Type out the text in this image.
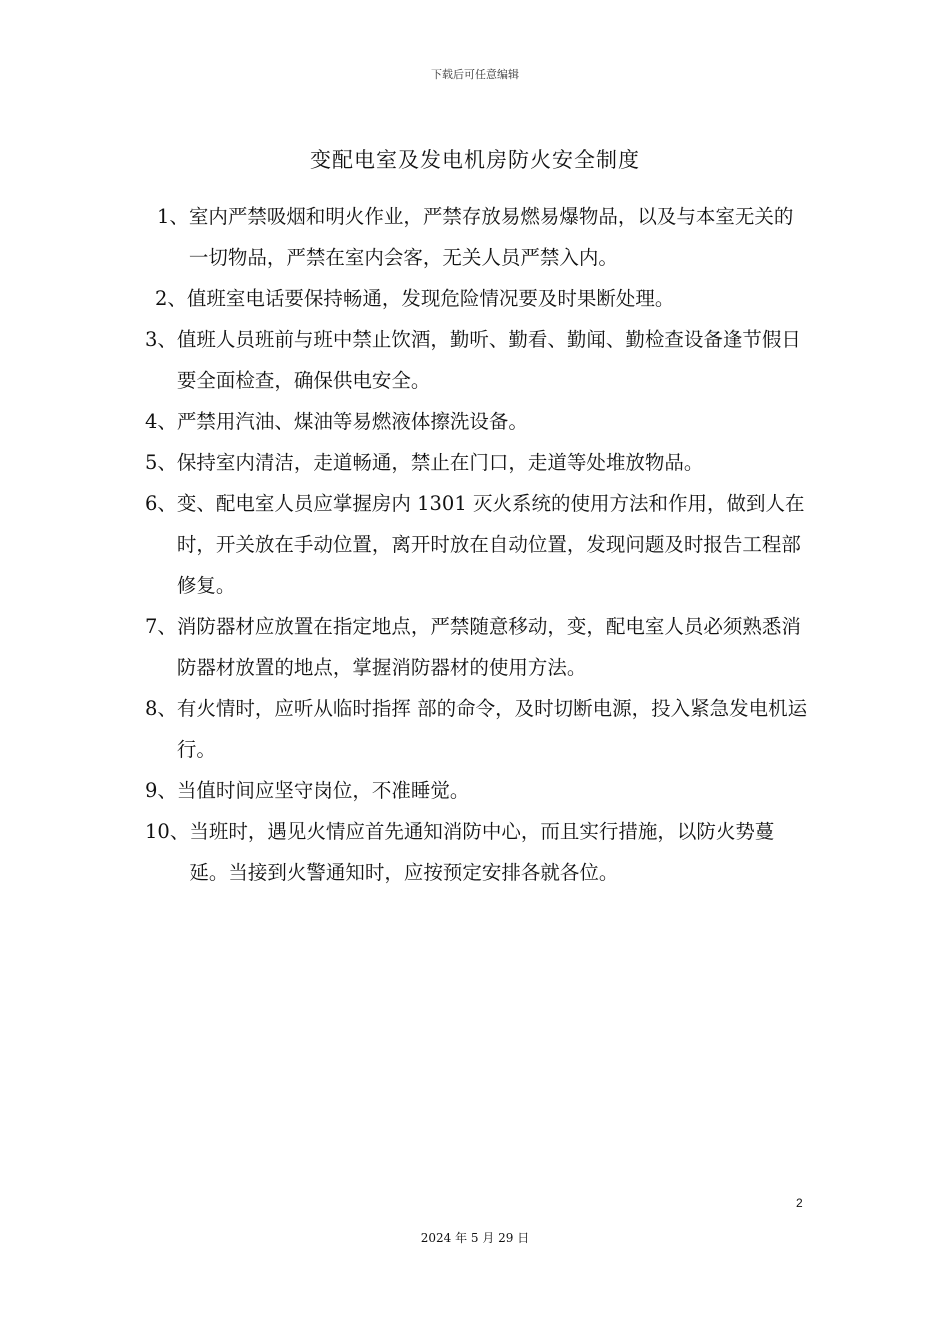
下载后可任意编辑
变配电室及发电机房防火安全制度
1、 室内严禁吸烟和明火作业，严禁存放易燃易爆物品，以及与本室无关的一切物品，严禁在室内会客，无关人员严禁入内。
2、 值班室电话要保持畅通，发现危险情况要及时果断处理。
3、 值班人员班前与班中禁止饮酒，勤听、勤看、勤闻、勤检查设备逢节假日要全面检查，确保供电安全。
4、 严禁用汽油、煤油等易燃液体擦洗设备。
5、 保持室内清洁，走道畅通，禁止在门口，走道等处堆放物品。
6、 变、配电室人员应掌握房内 1301 灭火系统的使用方法和作用，做到人在时，开关放在手动位置，离开时放在自动位置，发现问题及时报告工程部修复。
7、 消防器材应放置在指定地点，严禁随意移动，变，配电室人员必须熟悉消防器材放置的地点，掌握消防器材的使用方法。
8、 有火情时，应听从临时指挥 部的命令，及时切断电源，投入紧急发电机运行。
9、 当值时间应坚守岗位，不准睡觉。
10、 当班时，遇见火情应首先通知消防中心，而且实行措施，以防火势蔓延。当接到火警通知时，应按预定安排各就各位。
2
2024 年 5 月 29 日
